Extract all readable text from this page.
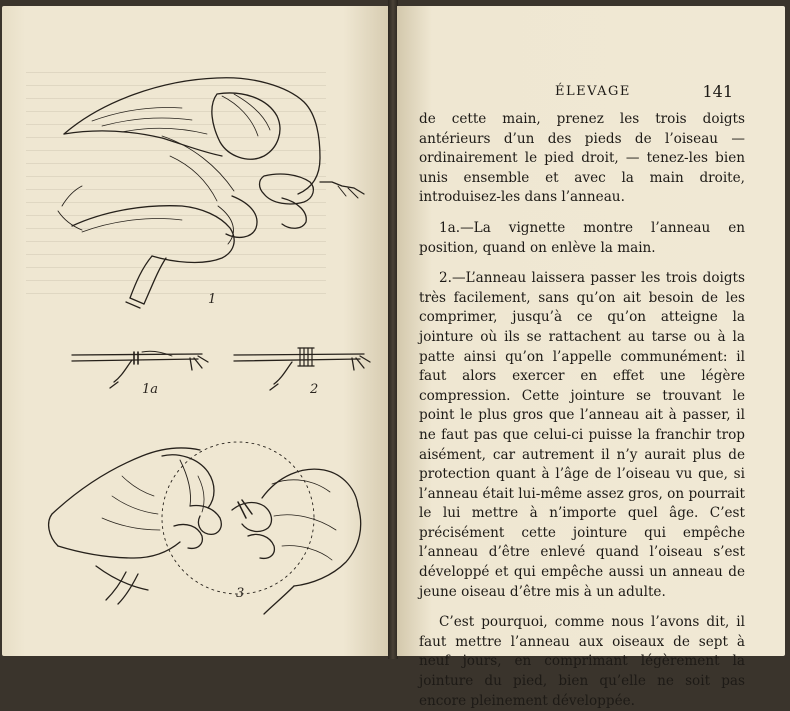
1
1a	2
3
ÉLEVAGE	141

de cette main, prenez les trois doigts antérieurs d’un des pieds de l’oiseau — ordinairement le pied droit, — tenez-les bien unis ensemble et avec la main droite, introduisez-les dans l’anneau.

1a.—La vignette montre l’anneau en position, quand on enlève la main.

2.—L’anneau laissera passer les trois doigts très facilement, sans qu’on ait besoin de les comprimer, jusqu’à ce qu’on atteigne la jointure où ils se rattachent au tarse ou à la patte ainsi qu’on l’appelle communément: il faut alors exercer en effet une légère compression. Cette jointure se trouvant le point le plus gros que l’anneau ait à passer, il ne faut pas que celui-ci puisse la franchir trop aisément, car autrement il n’y aurait plus de protection quant à l’âge de l’oiseau vu que, si l’anneau était lui-même assez gros, on pourrait le lui mettre à n’importe quel âge. C’est précisément cette jointure qui empêche l’anneau d’être enlevé quand l’oiseau s’est développé et qui empêche aussi un anneau de jeune oiseau d’être mis à un adulte.

C’est pourquoi, comme nous l’avons dit, il faut mettre l’anneau aux oiseaux de sept à neuf jours, en comprimant légèrement la jointure du pied, bien qu’elle ne soit pas encore pleinement développée.
